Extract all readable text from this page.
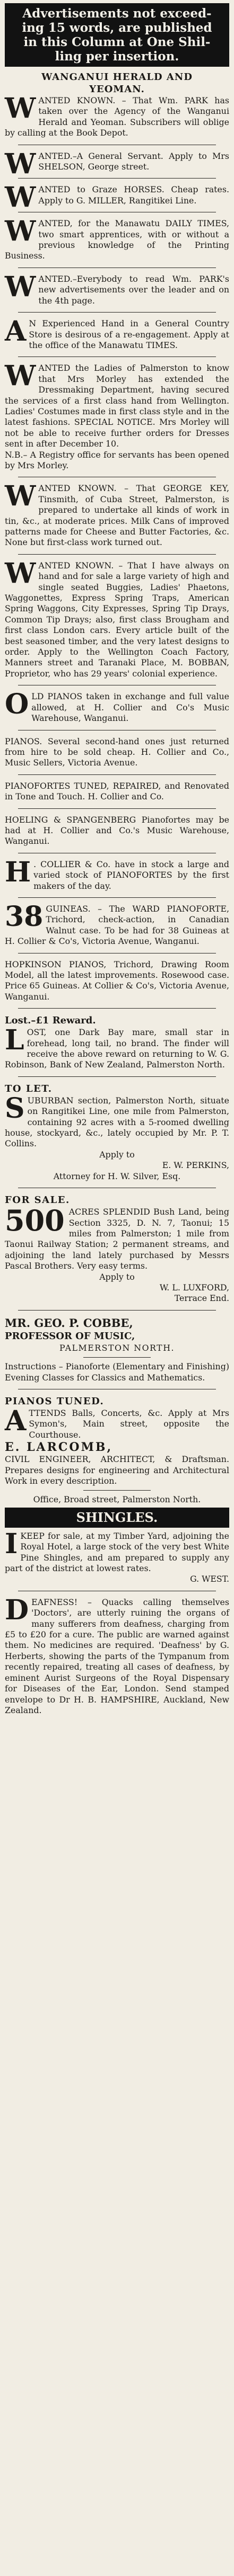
Advertisements not exceed-
ing 15 words, are published
in this Column at One Shil-
ling per insertion.

WANGANUI HERALD AND

YEOMAN.

WANTED KNOWN. – That Wm. PARK has taken over the Agency of the Wanganui Herald and Yeoman. Subscribers will oblige by calling at the Book Depot.

WANTED.–A General Servant. Apply to Mrs SHELSON, George street.

WANTED to Graze HORSES. Cheap rates. Apply to G. MILLER, Rangitikei Line.

WANTED, for the Manawatu DAILY TIMES, two smart apprentices, with or without a previous knowledge of the Printing Business.

WANTED.–Everybody to read Wm. PARK's new advertisements over the leader and on the 4th page.

A N Experienced Hand in a General Country Store is desirous of a re-engagement. Apply at the office of the Manawatu TIMES.

WANTED the Ladies of Palmerston to know that Mrs Morley has extended the Dressmaking Department, having secured the services of a first class hand from Wellington. Ladies' Costumes made in first class style and in the latest fashions. SPECIAL NOTICE. Mrs Morley will not be able to receive further orders for Dresses sent in after December 10.

N.B.– A Registry office for servants has been opened by Mrs Morley.

WANTED KNOWN. – That GEORGE KEY, Tinsmith, of Cuba Street, Palmerston, is prepared to undertake all kinds of work in tin, &c., at moderate prices. Milk Cans of improved patterns made for Cheese and Butter Factories, &c. None but first-class work turned out.

WANTED KNOWN. – That I have always on hand and for sale a large variety of high and single seated Buggies, Ladies' Phaetons, Waggonettes, Express Spring Traps, American Spring Waggons, City Expresses, Spring Tip Drays, Common Tip Drays; also, first class Brougham and first class London cars. Every article built of the best seasoned timber, and the very latest designs to order. Apply to the Wellington Coach Factory, Manners street and Taranaki Place, M. BOBBAN, Proprietor, who has 29 years' colonial experience.

OLD PIANOS taken in exchange and full value allowed, at H. Collier and Co's Music Warehouse, Wanganui.

PIANOS. Several second-hand ones just returned from hire to be sold cheap. H. Collier and Co., Music Sellers, Victoria Avenue.

PIANOFORTES TUNED, REPAIRED, and Renovated in Tone and Touch. H. Collier and Co.

HOELING & SPANGENBERG Pianofortes may be had at H. Collier and Co.'s Music Warehouse, Wanganui.

H . COLLIER & Co. have in stock a large and varied stock of PIANOFORTES by the first makers of the day.

38 GUINEAS. – The WARD PIANOFORTE, Trichord, check-action, in Canadian Walnut case. To be had for 38 Guineas at H. Collier & Co's, Victoria Avenue, Wanganui.

HOPKINSON PIANOS, Trichord, Drawing Room Model, all the latest improvements. Rosewood case. Price 65 Guineas. At Collier & Co's, Victoria Avenue, Wanganui.

Lost.–£1 Reward.

LOST, one Dark Bay mare, small star in forehead, long tail, no brand. The finder will receive the above reward on returning to W. G. Robinson, Bank of New Zealand, Palmerston North.

TO LET.

SUBURBAN section, Palmerston North, situate on Rangitikei Line, one mile from Palmerston, containing 92 acres with a 5-roomed dwelling house, stockyard, &c., lately occupied by Mr. P. T. Collins.

Apply to

E. W. PERKINS,

Attorney for H. W. Silver, Esq.

FOR SALE.

500 ACRES SPLENDID Bush Land, being Section 3325, D. N. 7, Taonui; 15 miles from Palmerston; 1 mile from Taonui Railway Station; 2 permanent streams, and adjoining the land lately purchased by Messrs Pascal Brothers. Very easy terms.

Apply to

W. L. LUXFORD,

Terrace End.

MR. GEO. P. COBBE,

PROFESSOR OF MUSIC,

PALMERSTON NORTH.

Instructions – Pianoforte (Elementary and Finishing) Evening Classes for Classics and Mathematics.

PIANOS TUNED.

ATTENDS Balls, Concerts, &c. Apply at Mrs Symon's, Main street, opposite the Courthouse.

E. LARCOMB,

CIVIL ENGINEER, ARCHITECT, & Draftsman. Prepares designs for engineering and Architectural Work in every description.

Office, Broad street, Palmerston North.

SHINGLES.

I KEEP for sale, at my Timber Yard, adjoining the Royal Hotel, a large stock of the very best White Pine Shingles, and am prepared to supply any part of the district at lowest rates.

G. WEST.

DEAFNESS! – Quacks calling themselves 'Doctors', are utterly ruining the organs of many sufferers from deafness, charging from £5 to £20 for a cure. The public are warned against them. No medicines are required. 'Deafness' by G. Herberts, showing the parts of the Tympanum from recently repaired, treating all cases of deafness, by eminent Aurist Surgeons of the Royal Dispensary for Diseases of the Ear, London. Send stamped envelope to Dr H. B. HAMPSHIRE, Auckland, New Zealand.
